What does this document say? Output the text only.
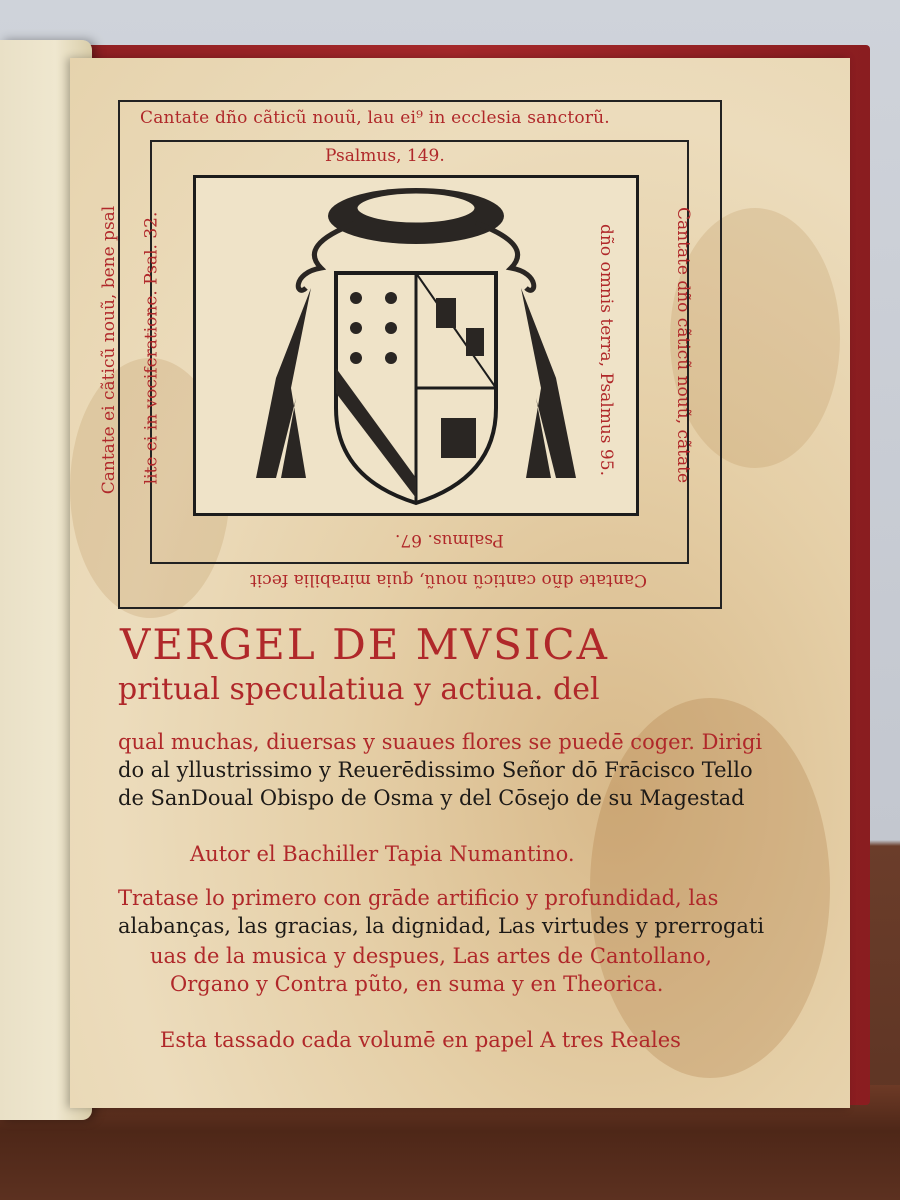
Cantate dño cãticũ nouũ, lau ei⁹ in ecclesia sanctorũ.
Psalmus, 149.
Cantate dño canticũ nouũ, quia mirabilia fecit
Psalmus. 67.
Cantate ei cãticũ nouũ, bene psal lite ei in vociferatione. Psal. 32.	Cantate dño cãticũ nouũ, cãtate
dño omnis terra, Psalmus 95.
VERGEL DE MVSICA
pritual speculatiua y actiua. del
qual muchas, diuersas y suaues flores se puedē coger. Dirigi
do al yllustrissimo y Reuerēdissimo Señor dō Frācisco Tello
de SanDoual Obispo de Osma y del Cōsejo de su Magestad
Autor el Bachiller Tapia Numantino.
Tratase lo primero con grāde artificio y profundidad, las
alabanças, las gracias, la dignidad, Las virtudes y prerrogati
uas de la musica y despues, Las artes de Cantollano,
Organo y Contra pũto, en suma y en Theorica.
Esta tassado cada volumē en papel A tres Reales
